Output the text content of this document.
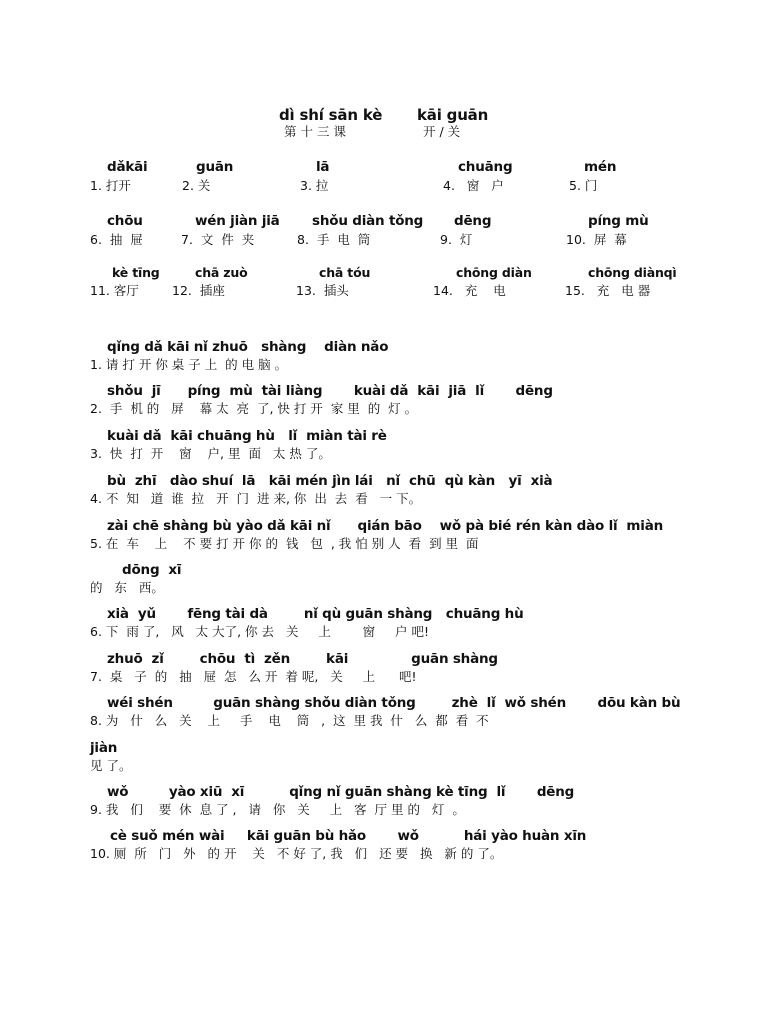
dì shí sān kè kāi guān
第 十 三 课	开 / 关
dǎkāi
1. 打开
guān
2. 关
lā
3. 拉
chuāng
4.   窗   户
mén
5. 门
chōu
6.  抽  屉
wén jiàn jiā
7.  文  件  夹
shǒu diàn tǒng
8.  手  电  筒
dēng
9.  灯
píng mù
10.  屏  幕
kè tīng
11. 客厅
chā zuò
12.  插座
chā tóu
13.  插头
chōng diàn
14.   充    电
chōng diànqì
15.   充   电 器
qǐng dǎ kāi nǐ zhuō   shàng    diàn nǎo
1. 请 打 开 你 桌 子 上  的 电 脑 。
shǒu  jī      píng  mù  tài liàng       kuài dǎ  kāi  jiā  lǐ       dēng
2.  手  机 的   屏    幕 太  亮  了, 快 打 开  家 里  的  灯 。
kuài dǎ  kāi chuāng hù   lǐ  miàn tài rè
3.  快  打  开    窗    户, 里  面   太 热 了。
bù  zhī   dào shuí  lā   kāi mén jìn lái   nǐ  chū  qù kàn   yī  xià
4. 不  知   道  谁  拉   开  门  进 来, 你  出  去  看   一 下。
zài chē shàng bù yào dǎ kāi nǐ      qián bāo    wǒ pà bié rén kàn dào lǐ  miàn
5. 在  车    上    不 要 打 开 你 的  钱   包  , 我 怕 别 人  看  到 里  面
dōng  xī
的   东   西。
xià  yǔ       fēng tài dà        nǐ qù guān shàng   chuāng hù
6. 下  雨 了,   风   太 大了, 你 去   关     上        窗     户 吧!
zhuō  zǐ        chōu  tì  zěn        kāi              guān shàng
7.  桌   子  的   抽   屉  怎   么 开  着 呢,   关     上      吧!
wéi shén         guān shàng shǒu diàn tǒng        zhè  lǐ  wǒ shén       dōu kàn bù
8. 为   什   么   关    上     手    电    筒   ,  这  里 我  什   么  都  看  不
jiàn
见 了。
wǒ         yào xiū  xī          qǐng nǐ guān shàng kè tīng  lǐ       dēng
9. 我   们    要  休  息 了 ,   请   你   关     上   客  厅 里 的   灯  。
cè suǒ mén wài     kāi guān bù hǎo       wǒ          hái yào huàn xīn
10. 厕  所   门   外   的 开    关   不 好 了, 我   们   还 要   换   新 的 了。
